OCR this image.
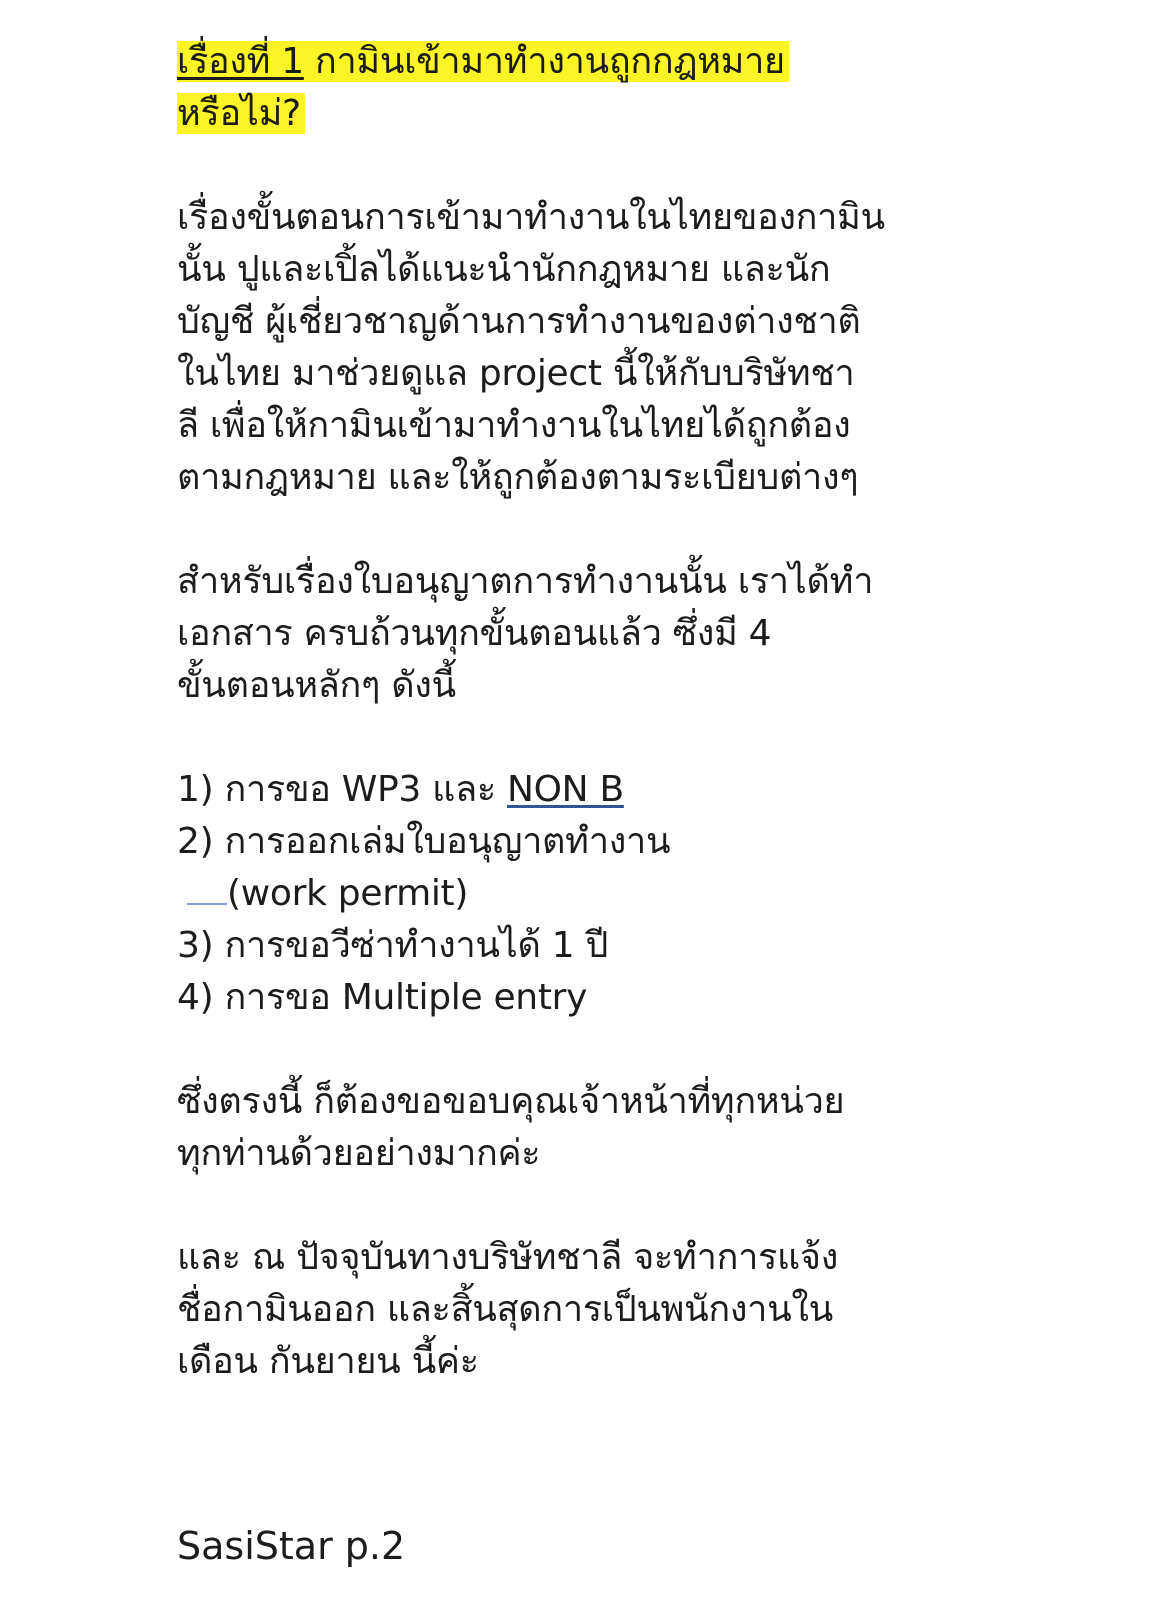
เรื่องที่ 1 กามินเข้ามาทำงานถูกกฎหมาย
หรือไม่?
เรื่องขั้นตอนการเข้ามาทำงานในไทยของกามิน
นั้น ปูและเปิ้ลได้แนะนำนักกฎหมาย และนัก
บัญชี ผู้เชี่ยวชาญด้านการทำงานของต่างชาติ
ในไทย มาช่วยดูแล project นี้ให้กับบริษัทชา
ลี เพื่อให้กามินเข้ามาทำงานในไทยได้ถูกต้อง
ตามกฎหมาย และให้ถูกต้องตามระเบียบต่างๆ
สำหรับเรื่องใบอนุญาตการทำงานนั้น เราได้ทำ
เอกสาร ครบถ้วนทุกขั้นตอนแล้ว ซึ่งมี 4
ขั้นตอนหลักๆ ดังนี้
1) การขอ WP3 และ NON B
2) การออกเล่มใบอนุญาตทำงาน
(work permit)
3) การขอวีซ่าทำงานได้ 1 ปี
4) การขอ Multiple entry
ซึ่งตรงนี้ ก็ต้องขอขอบคุณเจ้าหน้าที่ทุกหน่วย
ทุกท่านด้วยอย่างมากค่ะ
และ ณ ปัจจุบันทางบริษัทชาลี จะทำการแจ้ง
ชื่อกามินออก และสิ้นสุดการเป็นพนักงานใน
เดือน กันยายน นี้ค่ะ
SasiStar p.2
